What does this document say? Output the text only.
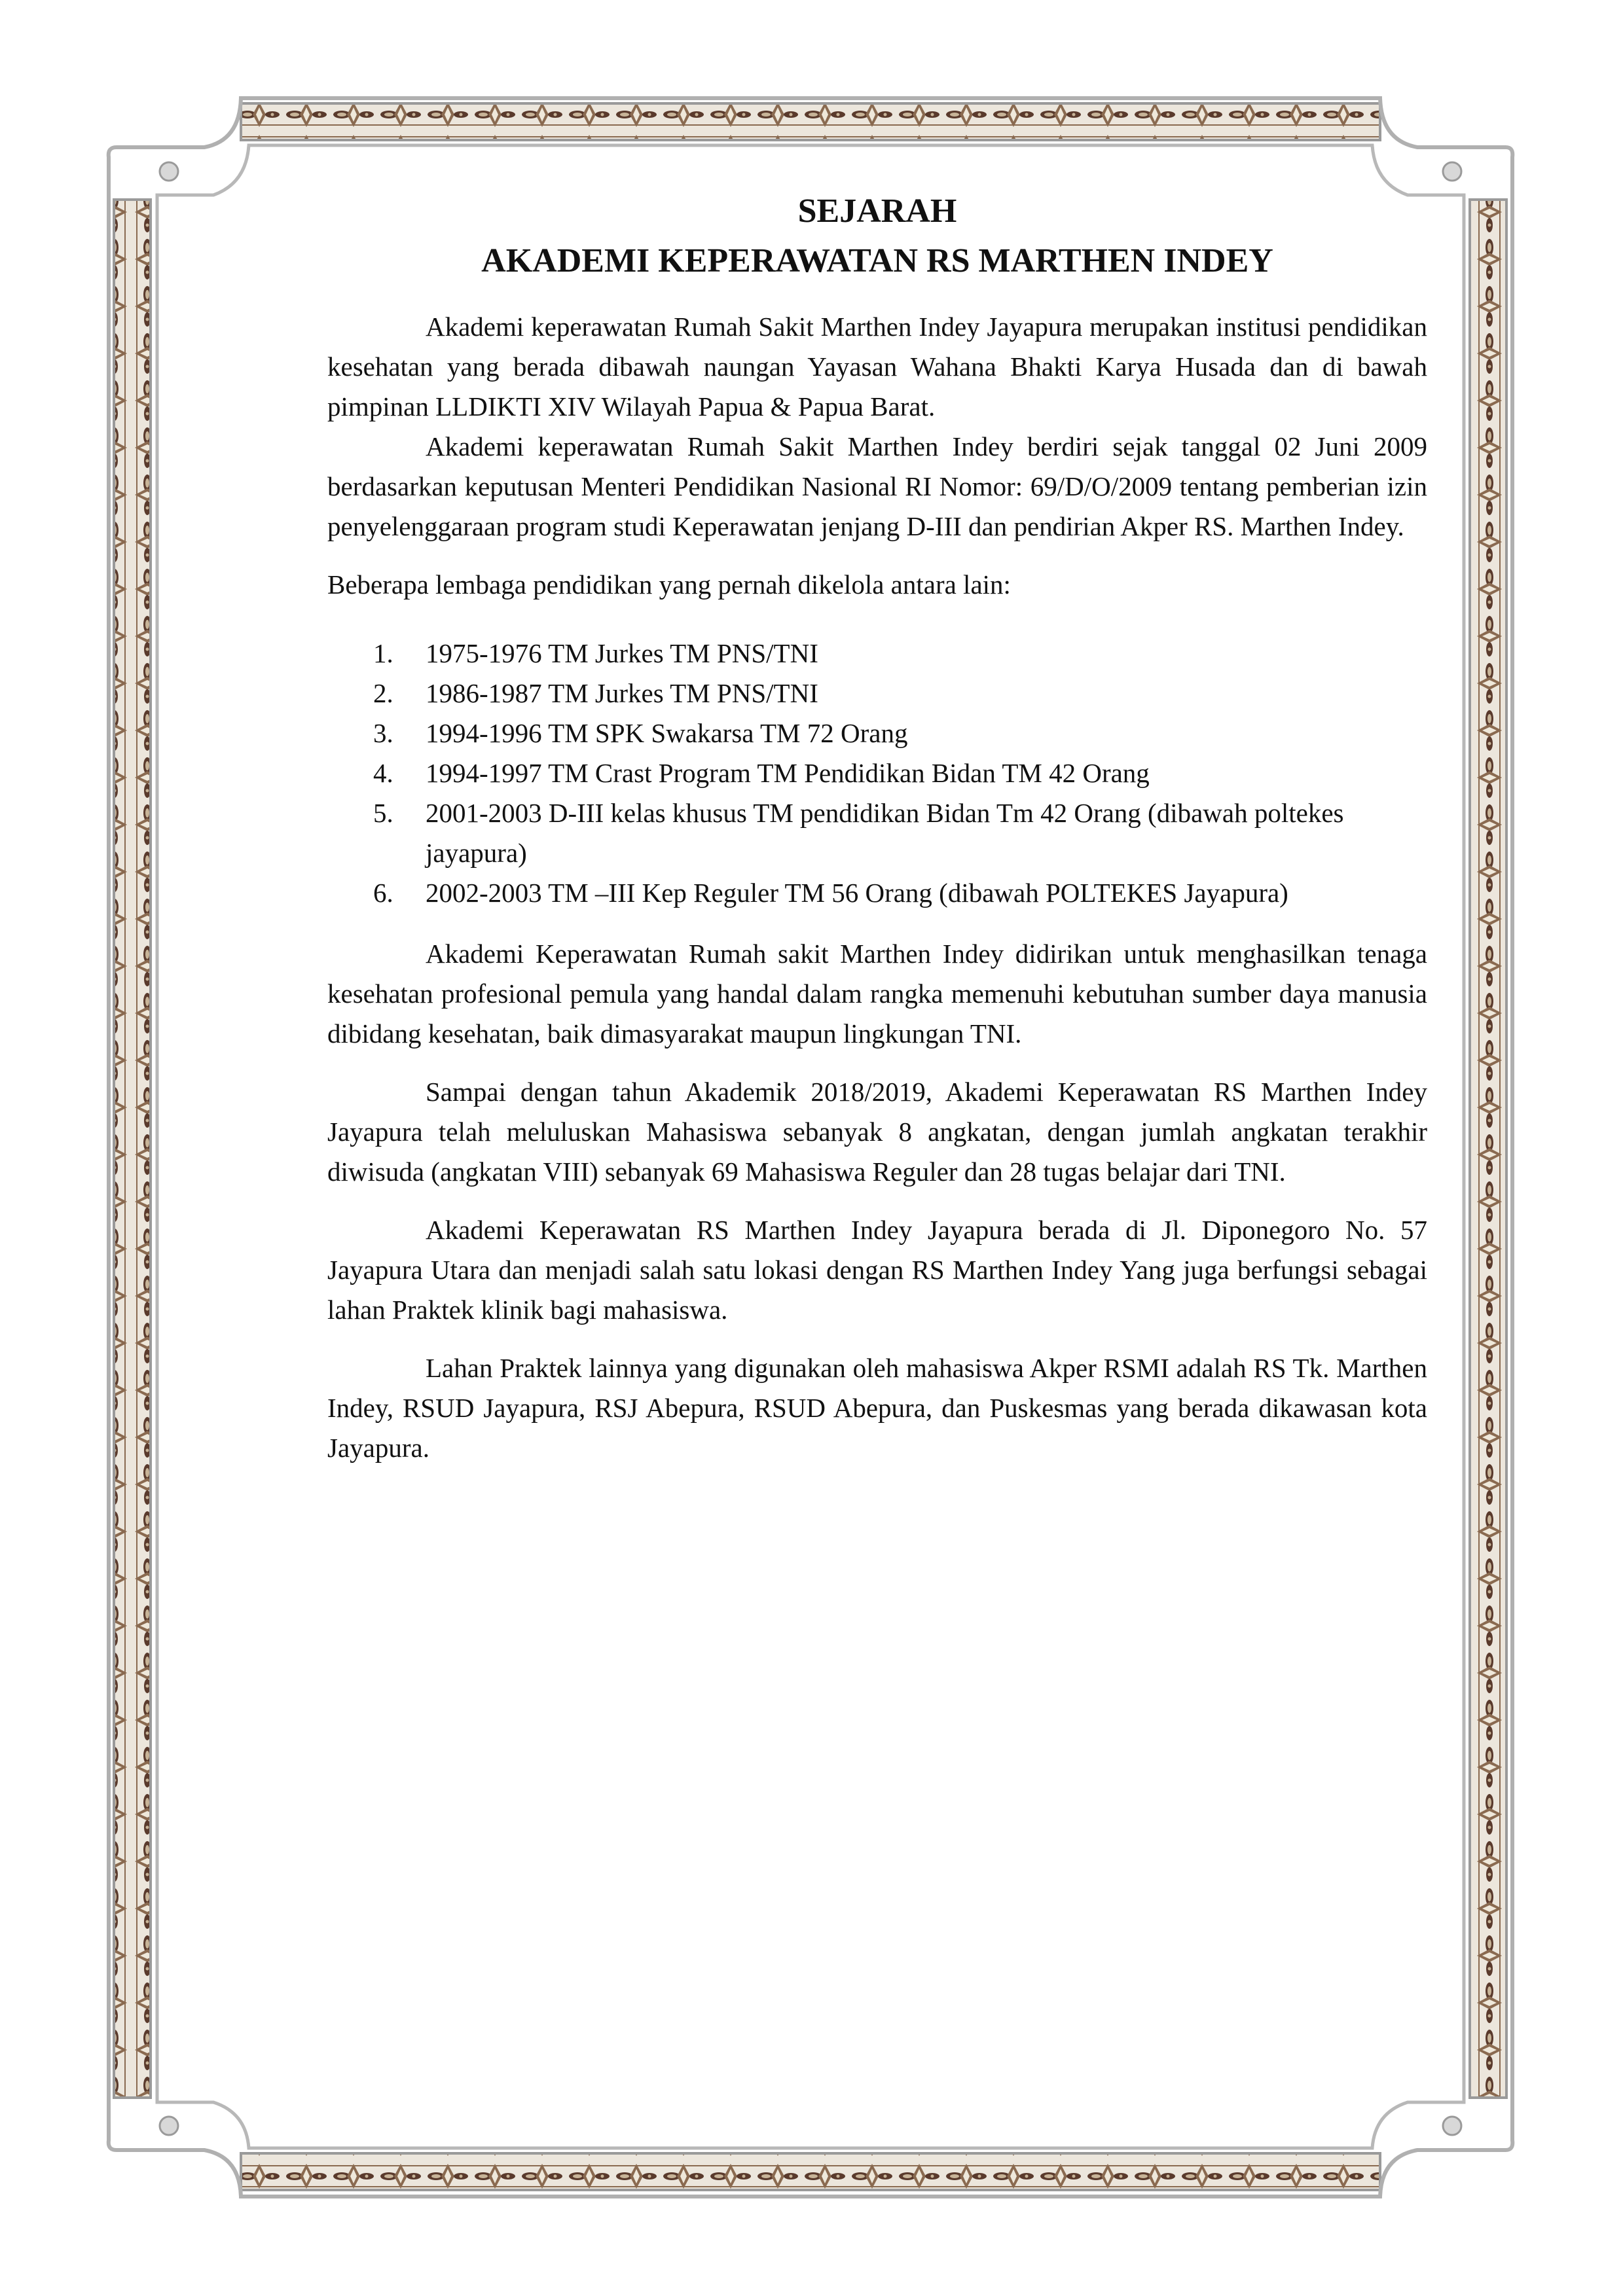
SEJARAH
AKADEMI KEPERAWATAN RS MARTHEN INDEY

Akademi keperawatan Rumah Sakit Marthen Indey Jayapura merupakan institusi pendidikan kesehatan yang berada dibawah naungan Yayasan Wahana Bhakti Karya Husada dan di bawah pimpinan LLDIKTI XIV Wilayah Papua & Papua Barat.

Akademi keperawatan Rumah Sakit Marthen Indey berdiri sejak tanggal 02 Juni 2009 berdasarkan keputusan Menteri Pendidikan Nasional RI Nomor: 69/D/O/2009 tentang pemberian izin penyelenggaraan program studi Keperawatan jenjang D-III dan pendirian Akper RS. Marthen Indey.

Beberapa lembaga pendidikan yang pernah dikelola antara lain:

1. 1975-1976 TM Jurkes TM PNS/TNI
2. 1986-1987 TM Jurkes TM PNS/TNI
3. 1994-1996 TM SPK Swakarsa TM 72 Orang
4. 1994-1997 TM Crast Program TM Pendidikan Bidan TM 42 Orang
5. 2001-2003 D-III kelas khusus TM pendidikan Bidan Tm 42 Orang (dibawah poltekes jayapura)
6. 2002-2003 TM –III Kep Reguler TM 56 Orang (dibawah POLTEKES Jayapura)

Akademi Keperawatan Rumah sakit Marthen Indey didirikan untuk menghasilkan tenaga kesehatan profesional pemula yang handal dalam rangka memenuhi kebutuhan sumber daya manusia dibidang kesehatan, baik dimasyarakat maupun lingkungan TNI.

Sampai dengan tahun Akademik 2018/2019, Akademi Keperawatan RS Marthen Indey Jayapura telah meluluskan Mahasiswa sebanyak 8 angkatan, dengan jumlah angkatan terakhir diwisuda (angkatan VIII) sebanyak 69 Mahasiswa Reguler dan 28 tugas belajar dari TNI.

Akademi Keperawatan RS Marthen Indey Jayapura berada di Jl. Diponegoro No. 57 Jayapura Utara dan menjadi salah satu lokasi dengan RS Marthen Indey Yang juga berfungsi sebagai lahan Praktek klinik bagi mahasiswa.

Lahan Praktek lainnya yang digunakan oleh mahasiswa Akper RSMI adalah RS Tk. Marthen Indey, RSUD Jayapura, RSJ Abepura, RSUD Abepura, dan Puskesmas yang berada dikawasan kota Jayapura.
